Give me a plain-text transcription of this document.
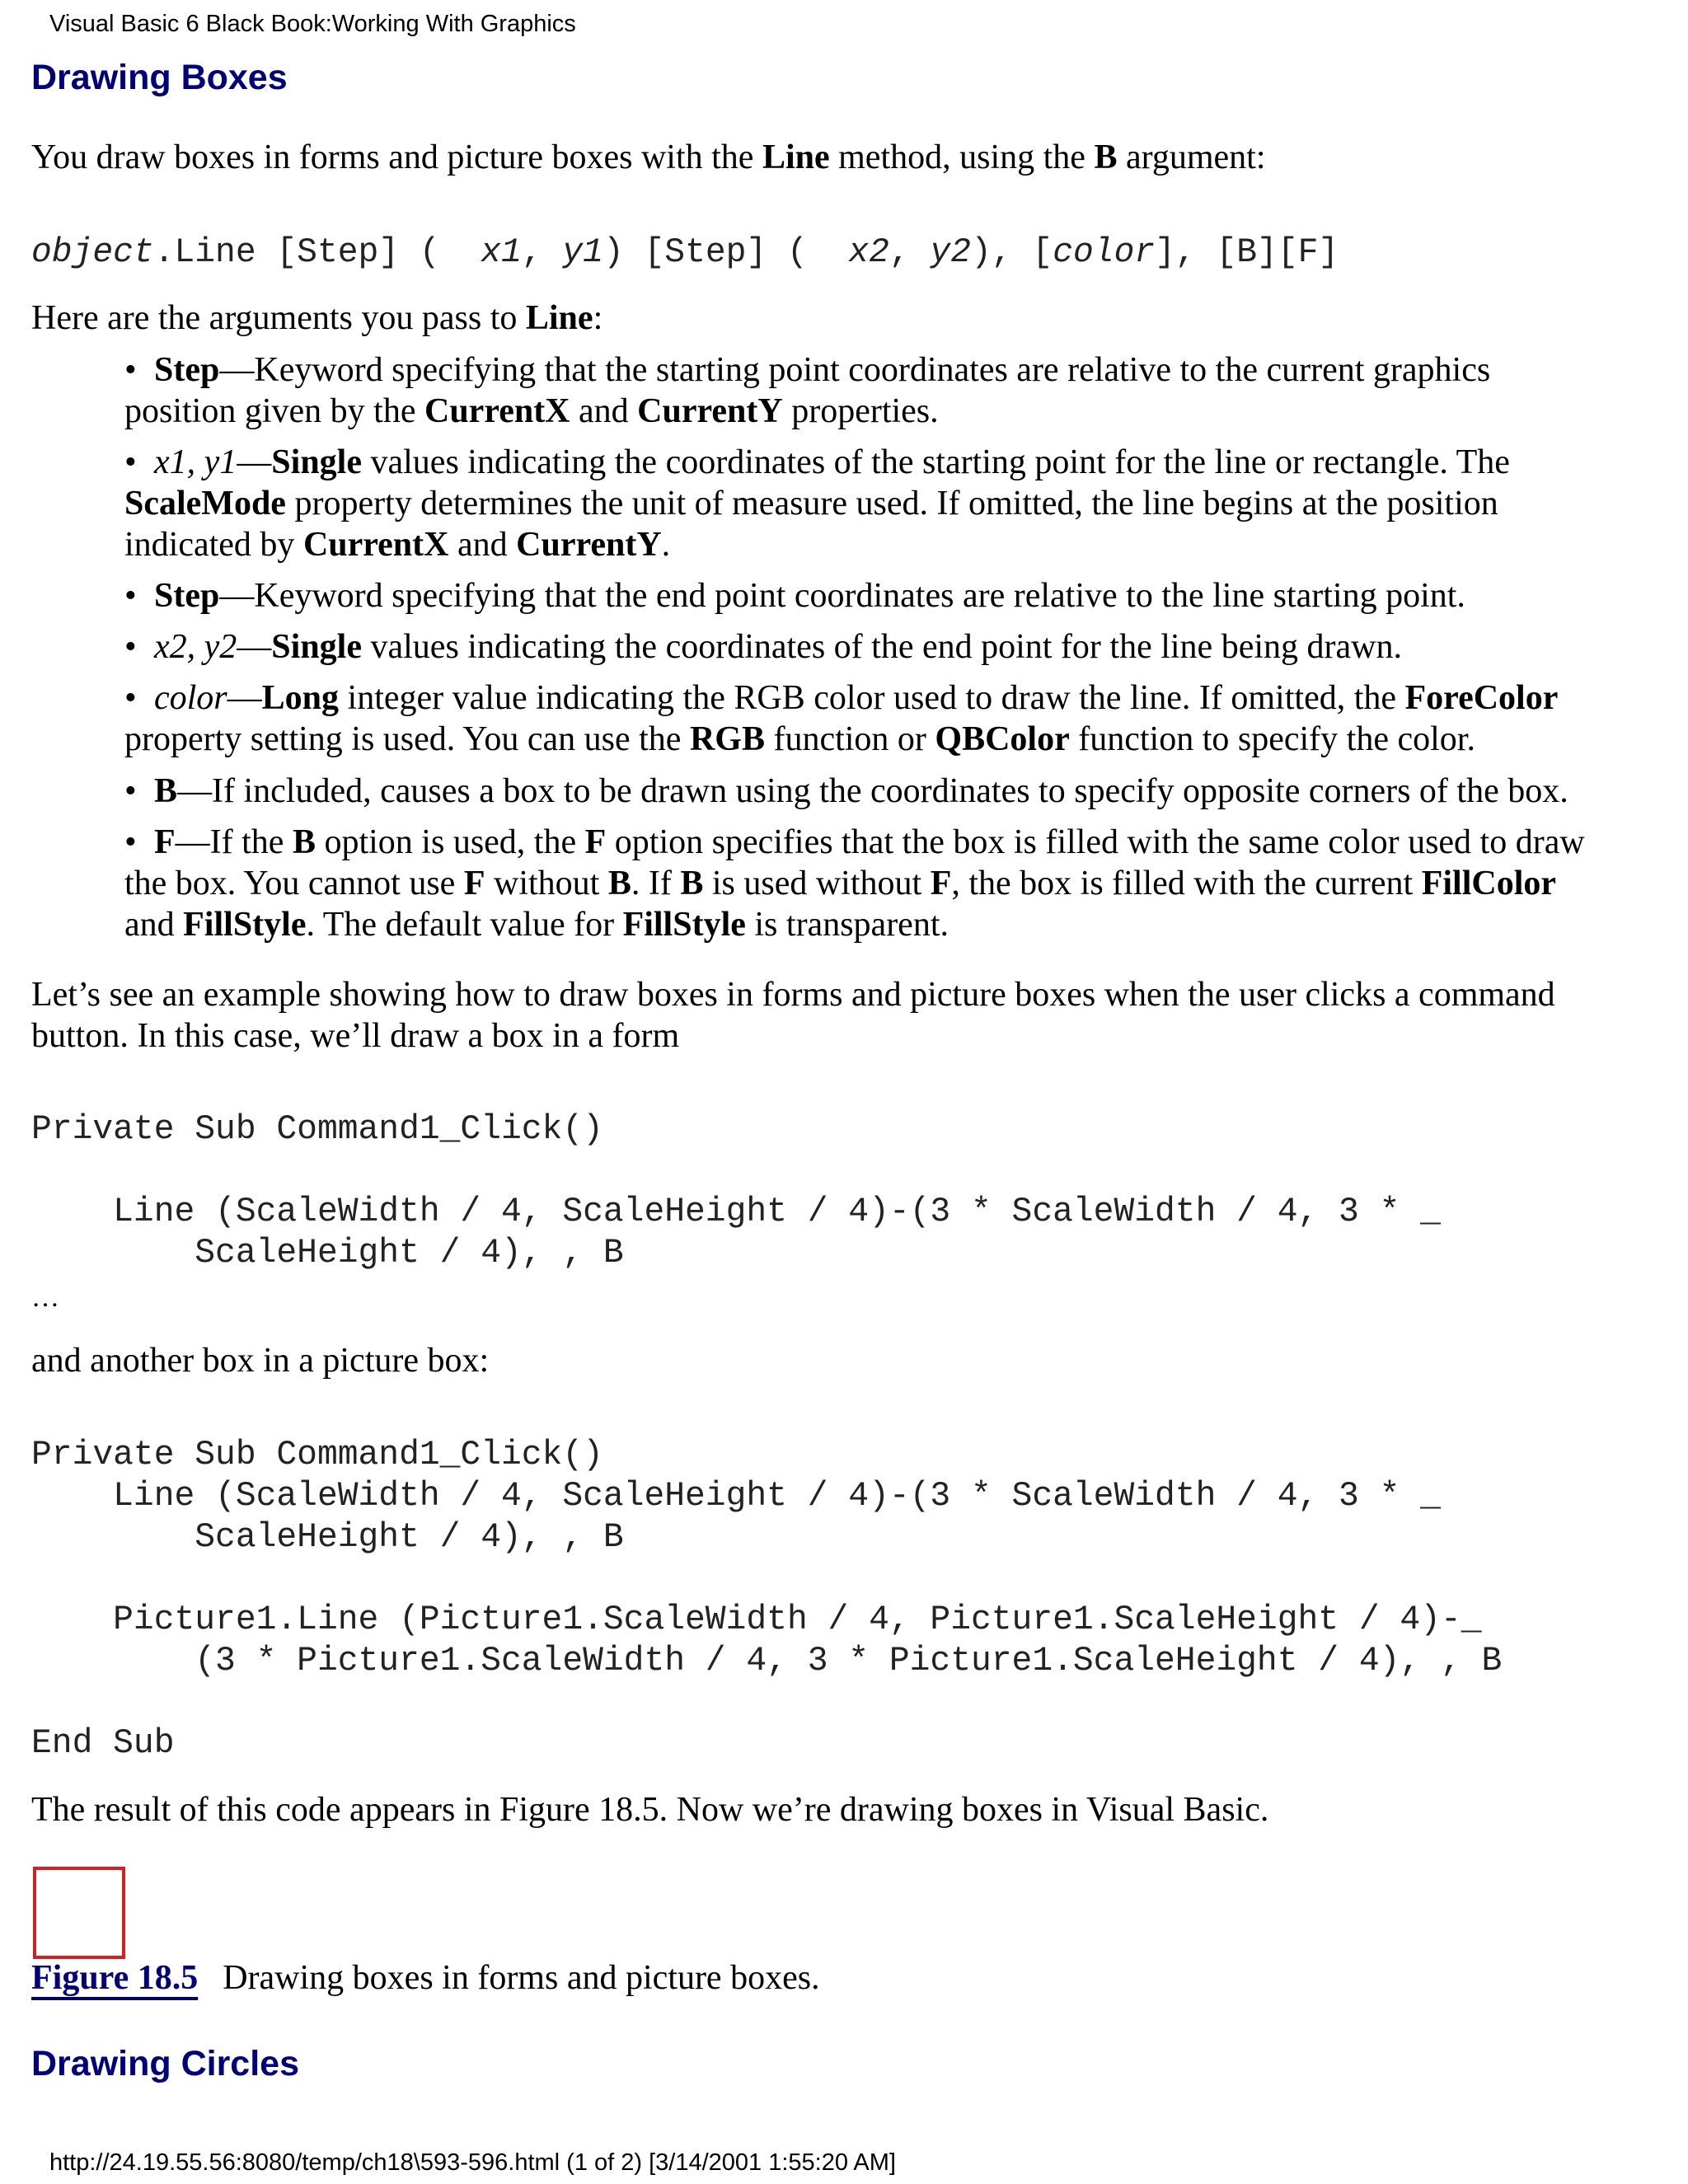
Visual Basic 6 Black Book:Working With Graphics
Drawing Boxes
You draw boxes in forms and picture boxes with the Line method, using the B argument:
object.Line [Step] (  x1, y1) [Step] (  x2, y2), [color], [B][F]
Here are the arguments you pass to Line:
• Step—Keyword specifying that the starting point coordinates are relative to the current graphics
position given by the CurrentX and CurrentY properties.
• x1, y1—Single values indicating the coordinates of the starting point for the line or rectangle. The
ScaleMode property determines the unit of measure used. If omitted, the line begins at the position
indicated by CurrentX and CurrentY.
• Step—Keyword specifying that the end point coordinates are relative to the line starting point.
• x2, y2—Single values indicating the coordinates of the end point for the line being drawn.
• color—Long integer value indicating the RGB color used to draw the line. If omitted, the ForeColor
property setting is used. You can use the RGB function or QBColor function to specify the color.
• B—If included, causes a box to be drawn using the coordinates to specify opposite corners of the box.
• F—If the B option is used, the F option specifies that the box is filled with the same color used to draw
the box. You cannot use F without B. If B is used without F, the box is filled with the current FillColor
and FillStyle. The default value for FillStyle is transparent.
Let’s see an example showing how to draw boxes in forms and picture boxes when the user clicks a command
button. In this case, we’ll draw a box in a form
Private Sub Command1_Click()

Line (ScaleWidth / 4, ScaleHeight / 4)-(3 * ScaleWidth / 4, 3 * _
ScaleHeight / 4), , B
…
and another box in a picture box:
Private Sub Command1_Click()
Line (ScaleWidth / 4, ScaleHeight / 4)-(3 * ScaleWidth / 4, 3 * _
ScaleHeight / 4), , B

Picture1.Line (Picture1.ScaleWidth / 4, Picture1.ScaleHeight / 4)-_
(3 * Picture1.ScaleWidth / 4, 3 * Picture1.ScaleHeight / 4), , B

End Sub
The result of this code appears in Figure 18.5. Now we’re drawing boxes in Visual Basic.
Figure 18.5 Drawing boxes in forms and picture boxes.
Drawing Circles
http://24.19.55.56:8080/temp/ch18\593-596.html (1 of 2) [3/14/2001 1:55:20 AM]
